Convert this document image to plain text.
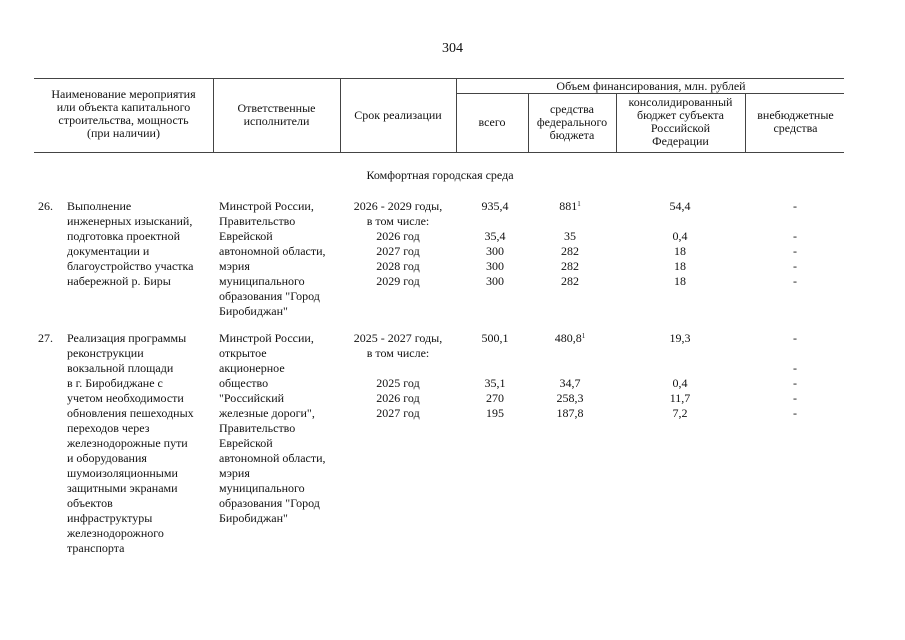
304
Наименование мероприятия
или объекта капитального
строительства, мощность
(при наличии)
Ответственные
исполнители	Срок реализации
Объем финансирования, млн. рублей
всего
средства
федерального
бюджета
консолидированный
бюджет субъекта
Российской
Федерации
внебюджетные
средства
Комфортная городская среда
26. Выполнение
инженерных изысканий,
подготовка проектной
документации и
благоустройство участка
набережной р. Биры
Минстрой России,
Правительство
Еврейской
автономной области,
мэрия
муниципального
образования "Город
Биробиджан"
2026 - 2029 годы,
в том числе:
2026 год
2027 год
2028 год
2029 год
935,4

35,4
300
300
300
$881^1$
35
282
282
282
54,4

0,4
18
18
18
-

-
-
-
-
27. Реализация программы
реконструкции
вокзальной площади
в г. Биробиджане с
учетом необходимости
обновления пешеходных
переходов через
железнодорожные пути
и оборудования
шумоизоляционными
защитными экранами
объектов
инфраструктуры
железнодорожного
транспорта
Минстрой России,
открытое
акционерное
общество
"Российский
железные дороги",
Правительство
Еврейской
автономной области,
мэрия
муниципального
образования "Город
Биробиджан"
2025 - 2027 годы,
в том числе:
2025 год
2026 год
2027 год
500,1
35,1
270
195
480,8$^1$
34,7
258,3
187,8
19,3
0,4
11,7
7,2
-
-
-
-
-
